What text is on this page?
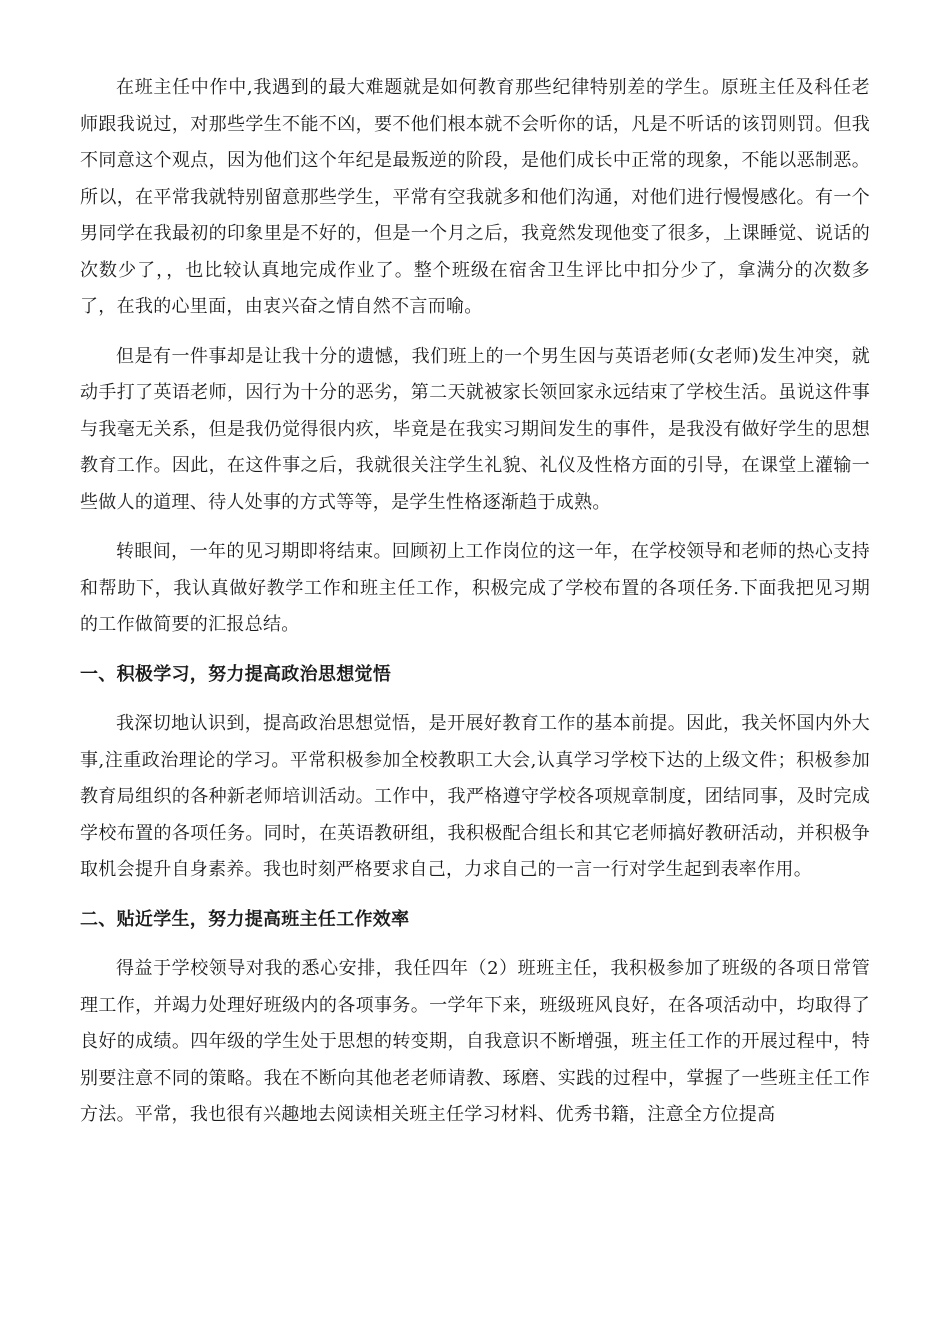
在班主任中作中,我遇到的最大难题就是如何教育那些纪律特别差的学生。原班主任及科任老师跟我说过，对那些学生不能不凶，要不他们根本就不会听你的话，凡是不听话的该罚则罚。但我不同意这个观点，因为他们这个年纪是最叛逆的阶段，是他们成长中正常的现象，不能以恶制恶。所以，在平常我就特别留意那些学生，平常有空我就多和他们沟通，对他们进行慢慢感化。有一个男同学在我最初的印象里是不好的，但是一个月之后，我竟然发现他变了很多，上课睡觉、说话的次数少了，，也比较认真地完成作业了。整个班级在宿舍卫生评比中扣分少了，拿满分的次数多了，在我的心里面，由衷兴奋之情自然不言而喻。

但是有一件事却是让我十分的遗憾，我们班上的一个男生因与英语老师(女老师)发生冲突，就动手打了英语老师，因行为十分的恶劣，第二天就被家长领回家永远结束了学校生活。虽说这件事与我毫无关系，但是我仍觉得很内疚，毕竟是在我实习期间发生的事件，是我没有做好学生的思想教育工作。因此，在这件事之后，我就很关注学生礼貌、礼仪及性格方面的引导，在课堂上灌输一些做人的道理、待人处事的方式等等，是学生性格逐渐趋于成熟。

转眼间，一年的见习期即将结束。回顾初上工作岗位的这一年，在学校领导和老师的热心支持和帮助下，我认真做好教学工作和班主任工作，积极完成了学校布置的各项任务.下面我把见习期的工作做简要的汇报总结。

一、积极学习，努力提高政治思想觉悟

我深切地认识到，提高政治思想觉悟，是开展好教育工作的基本前提。因此，我关怀国内外大事,注重政治理论的学习。平常积极参加全校教职工大会,认真学习学校下达的上级文件；积极参加教育局组织的各种新老师培训活动。工作中，我严格遵守学校各项规章制度，团结同事，及时完成学校布置的各项任务。同时，在英语教研组，我积极配合组长和其它老师搞好教研活动，并积极争取机会提升自身素养。我也时刻严格要求自己，力求自己的一言一行对学生起到表率作用。

二、贴近学生，努力提高班主任工作效率

得益于学校领导对我的悉心安排，我任四年（2）班班主任，我积极参加了班级的各项日常管理工作，并竭力处理好班级内的各项事务。一学年下来，班级班风良好，在各项活动中，均取得了良好的成绩。四年级的学生处于思想的转变期，自我意识不断增强，班主任工作的开展过程中，特别要注意不同的策略。我在不断向其他老老师请教、琢磨、实践的过程中，掌握了一些班主任工作方法。平常，我也很有兴趣地去阅读相关班主任学习材料、优秀书籍，注意全方位提高
